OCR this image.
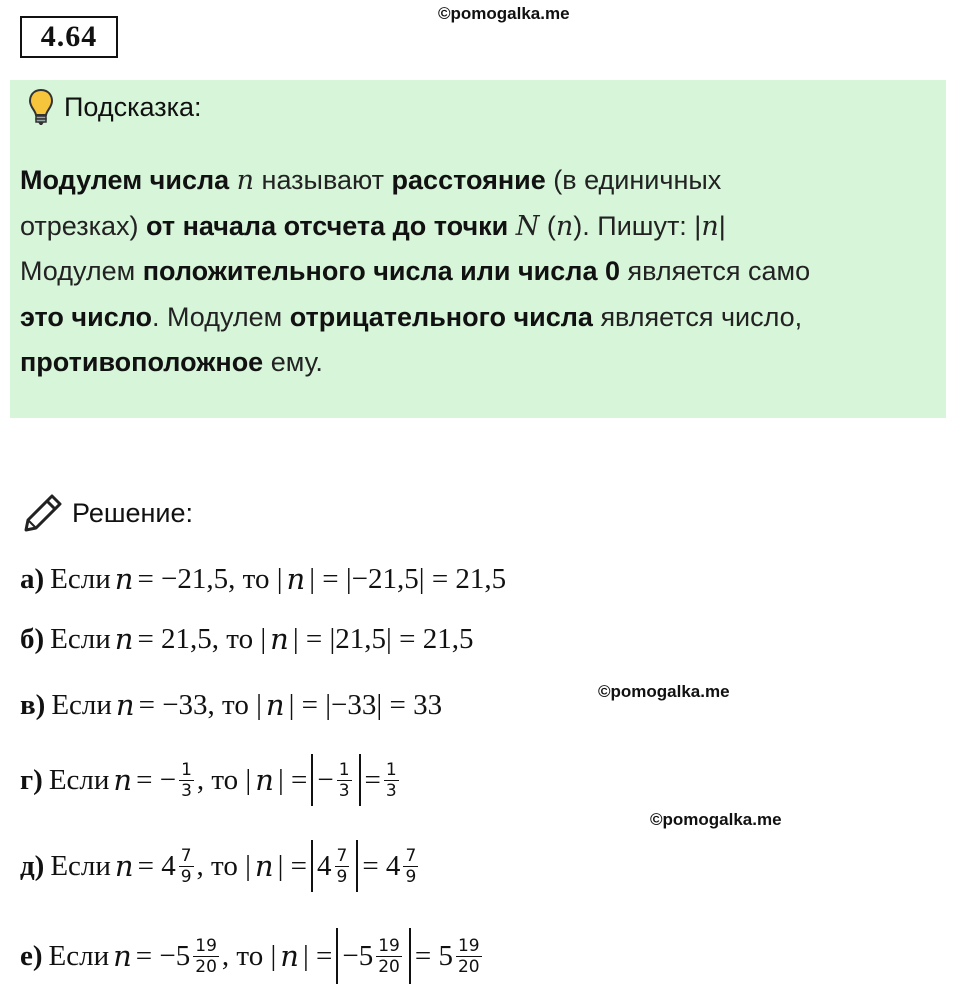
4.64
©pomogalka.me
Подсказка:
Модулем числа n называют расстояние (в единичных
отрезках) от начала отсчета до точки N (n). Пишут: |n|
Модулем положительного числа или числа 0 является само
это число. Модулем отрицательного числа является число,
противоположное ему.
Решение:
а) Если n = −21,5, то | n | = |−21,5| = 21,5
б) Если n = 21,5, то | n | = |21,5| = 21,5
в) Если n = −33, то | n | = |−33| = 33	©pomogalka.me
г) Если n = − $\frac{1}{3}$ , то | n | = − $\frac{1}{3} = \frac{1}{3}$
©pomogalka.me
д) Если $n = 4 \frac{7}{9}$ , то | n | = $4 \frac{7}{9} = 4 \frac{7}{9}$
е) Если $n = -5 \frac{19}{20}$ , то | n | = $-5 \frac{19}{20} = 5 \frac{19}{20}$
